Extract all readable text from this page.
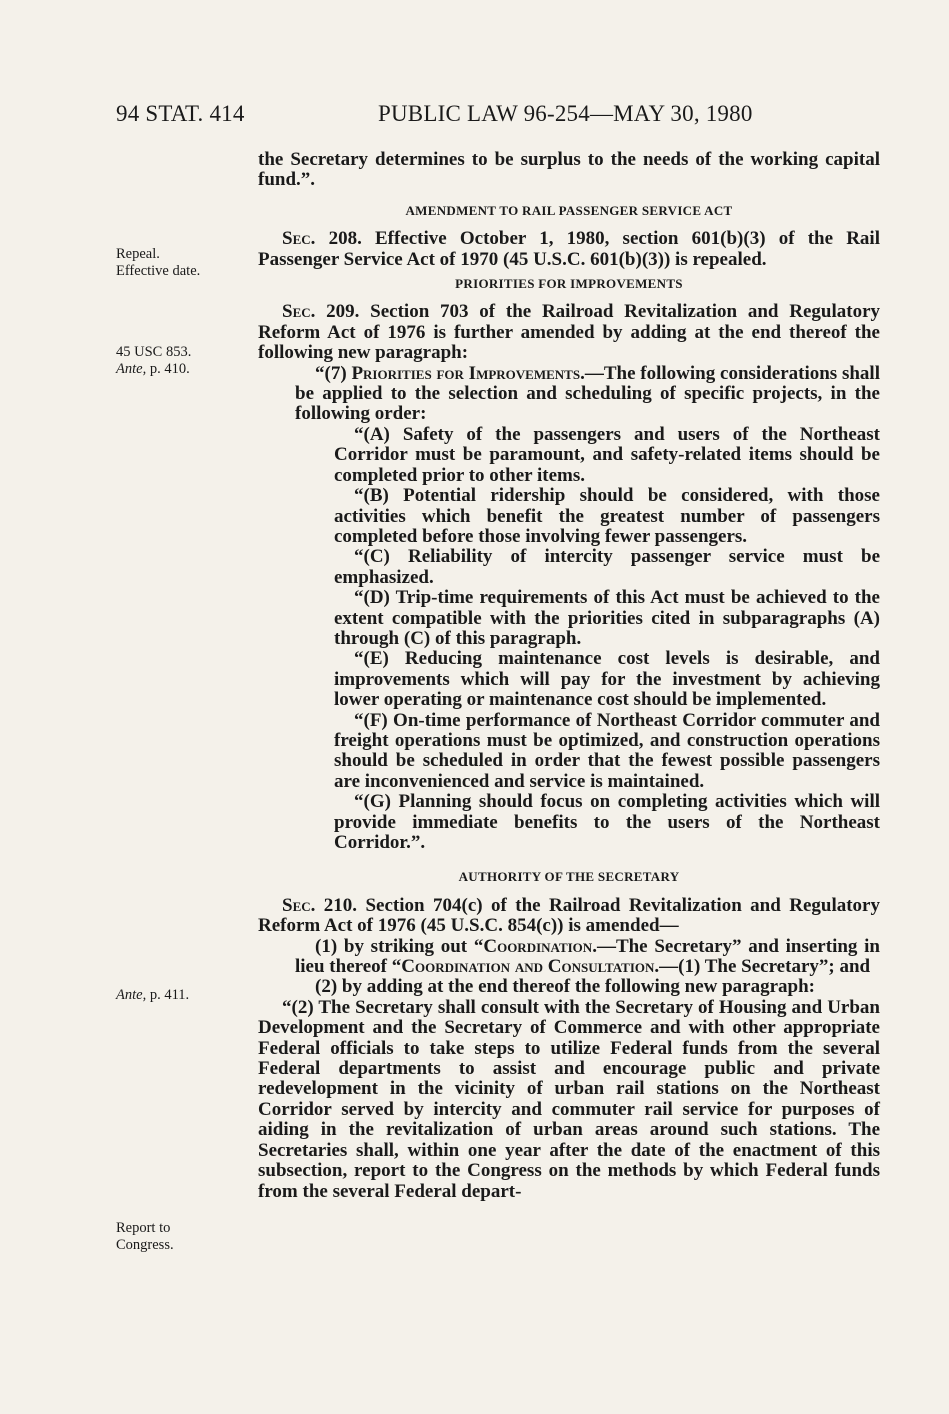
94 STAT. 414	PUBLIC LAW 96-254—MAY 30, 1980

Repeal.
Effective date.
45 USC 853.
Ante, p. 410.
Ante, p. 411.
Report to
Congress.

the Secretary determines to be surplus to the needs of the working capital fund.”.

AMENDMENT TO RAIL PASSENGER SERVICE ACT

Sec. 208. Effective October 1, 1980, section 601(b)(3) of the Rail Passenger Service Act of 1970 (45 U.S.C. 601(b)(3)) is repealed.

PRIORITIES FOR IMPROVEMENTS

Sec. 209. Section 703 of the Railroad Revitalization and Regulatory Reform Act of 1976 is further amended by adding at the end thereof the following new paragraph:

“(7) Priorities for Improvements.—The following considerations shall be applied to the selection and scheduling of specific projects, in the following order:

“(A) Safety of the passengers and users of the Northeast Corridor must be paramount, and safety-related items should be completed prior to other items.

“(B) Potential ridership should be considered, with those activities which benefit the greatest number of passengers completed before those involving fewer passengers.

“(C) Reliability of intercity passenger service must be emphasized.

“(D) Trip-time requirements of this Act must be achieved to the extent compatible with the priorities cited in subparagraphs (A) through (C) of this paragraph.

“(E) Reducing maintenance cost levels is desirable, and improvements which will pay for the investment by achieving lower operating or maintenance cost should be implemented.

“(F) On-time performance of Northeast Corridor commuter and freight operations must be optimized, and construction operations should be scheduled in order that the fewest possible passengers are inconvenienced and service is maintained.

“(G) Planning should focus on completing activities which will provide immediate benefits to the users of the Northeast Corridor.”.

AUTHORITY OF THE SECRETARY

Sec. 210. Section 704(c) of the Railroad Revitalization and Regulatory Reform Act of 1976 (45 U.S.C. 854(c)) is amended—

(1) by striking out “Coordination.—The Secretary” and inserting in lieu thereof “Coordination and Consultation.—(1) The Secretary”; and

(2) by adding at the end thereof the following new paragraph:

“(2) The Secretary shall consult with the Secretary of Housing and Urban Development and the Secretary of Commerce and with other appropriate Federal officials to take steps to utilize Federal funds from the several Federal departments to assist and encourage public and private redevelopment in the vicinity of urban rail stations on the Northeast Corridor served by intercity and commuter rail service for purposes of aiding in the revitalization of urban areas around such stations. The Secretaries shall, within one year after the date of the enactment of this subsection, report to the Congress on the methods by which Federal funds from the several Federal depart-
